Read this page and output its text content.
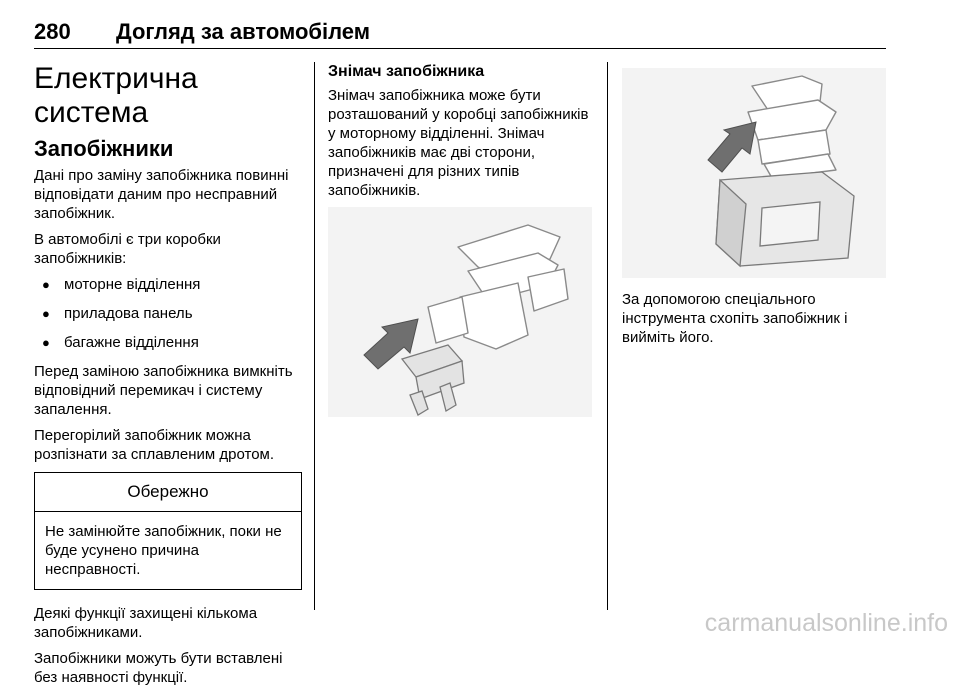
280 Догляд за автомобілем
Електрична система
Запобіжники

Дані про заміну запобіжника повинні відповідати даним про несправний запобіжник.

В автомобілі є три коробки запобіжників:

● моторне відділення
● приладова панель
● багажне відділення

Перед заміною запобіжника вимкніть відповідний перемикач і систему запалення.

Перегорілий запобіжник можна розпізнати за сплавленим дротом.

Обережно

Не замінюйте запобіжник, поки не буде усунено причина несправності.

Деякі функції захищені кількома запобіжниками.

Запобіжники можуть бути вставлені без наявності функції.

Знімач запобіжника

Знімач запобіжника може бути розташований у коробці запобіжників у моторному відділенні. Знімач запобіжників має дві сторони, призначені для різних типів запобіжників.

За допомогою спеціального інструмента схопіть запобіжник і вийміть його.

carmanualsonline.info
